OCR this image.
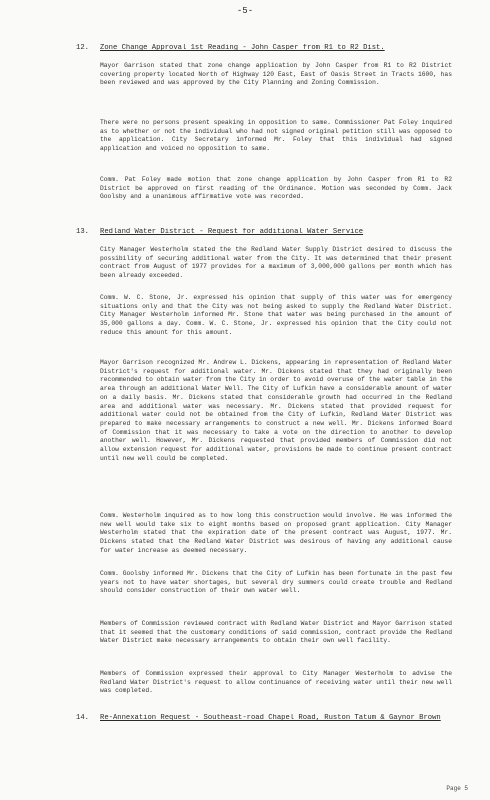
-5-
12. Zone Change Approval 1st Reading - John Casper from R1 to R2 Dist.
Mayor Garrison stated that zone change application by John Casper from R1 to R2 District covering property located North of Highway 120 East, East of Oasis Street in Tracts 1600, has been reviewed and was approved by the City Planning and Zoning Commission.
There were no persons present speaking in opposition to same. Commissioner Pat Foley inquired as to whether or not the individual who had not signed original petition still was opposed to the application. City Secretary informed Mr. Foley that this individual had signed application and voiced no opposition to same.
Comm. Pat Foley made motion that zone change application by John Casper from R1 to R2 District be approved on first reading of the Ordinance. Motion was seconded by Comm. Jack Goolsby and a unanimous affirmative vote was recorded.
13. Redland Water District - Request for additional Water Service
City Manager Westerholm stated the the Redland Water Supply District desired to discuss the possibility of securing additional water from the City. It was determined that their present contract from August of 1977 provides for a maximum of 3,000,000 gallons per month which has been already exceeded.
Comm. W. C. Stone, Jr. expressed his opinion that supply of this water was for emergency situations only and that the City was not being asked to supply the Redland Water District. City Manager Westerholm informed Mr. Stone that water was being purchased in the amount of 35,000 gallons a day. Comm. W. C. Stone, Jr. expressed his opinion that the City could not reduce this amount for this amount.
Mayor Garrison recognized Mr. Andrew L. Dickens, appearing in representation of Redland Water District's request for additional water. Mr. Dickens stated that they had originally been recommended to obtain water from the City in order to avoid overuse of the water table in the area through an additional Water Well. The City of Lufkin have a considerable amount of water on a daily basis. Mr. Dickens stated that considerable growth had occurred in the Redland area and additional water was necessary. Mr. Dickens stated that provided request for additional water could not be obtained from the City of Lufkin, Redland Water District was prepared to make necessary arrangements to construct a new well. Mr. Dickens informed Board of Commission that it was necessary to take a vote on the direction to another to develop another well. However, Mr. Dickens requested that provided members of Commission did not allow extension request for additional water, provisions be made to continue present contract until new well could be completed.
Comm. Westerholm inquired as to how long this construction would involve. He was informed the new well would take six to eight months based on proposed grant application. City Manager Westerholm stated that the expiration date of the present contract was August, 1977. Mr. Dickens stated that the Redland Water District was desirous of having any additional cause for water increase as deemed necessary.
Comm. Goolsby informed Mr. Dickens that the City of Lufkin has been fortunate in the past few years not to have water shortages, but several dry summers could create trouble and Redland should consider construction of their own water well.
Members of Commission reviewed contract with Redland Water District and Mayor Garrison stated that it seemed that the customary conditions of said commission, contract provide the Redland Water District make necessary arrangements to obtain their own well facility.
Members of Commission expressed their approval to City Manager Westerholm to advise the Redland Water District's request to allow continuance of receiving water until their new well was completed.
14. Re-Annexation Request - Southeast-road Chapel Road, Ruston Tatum & Gaynor Brown
Page 5
